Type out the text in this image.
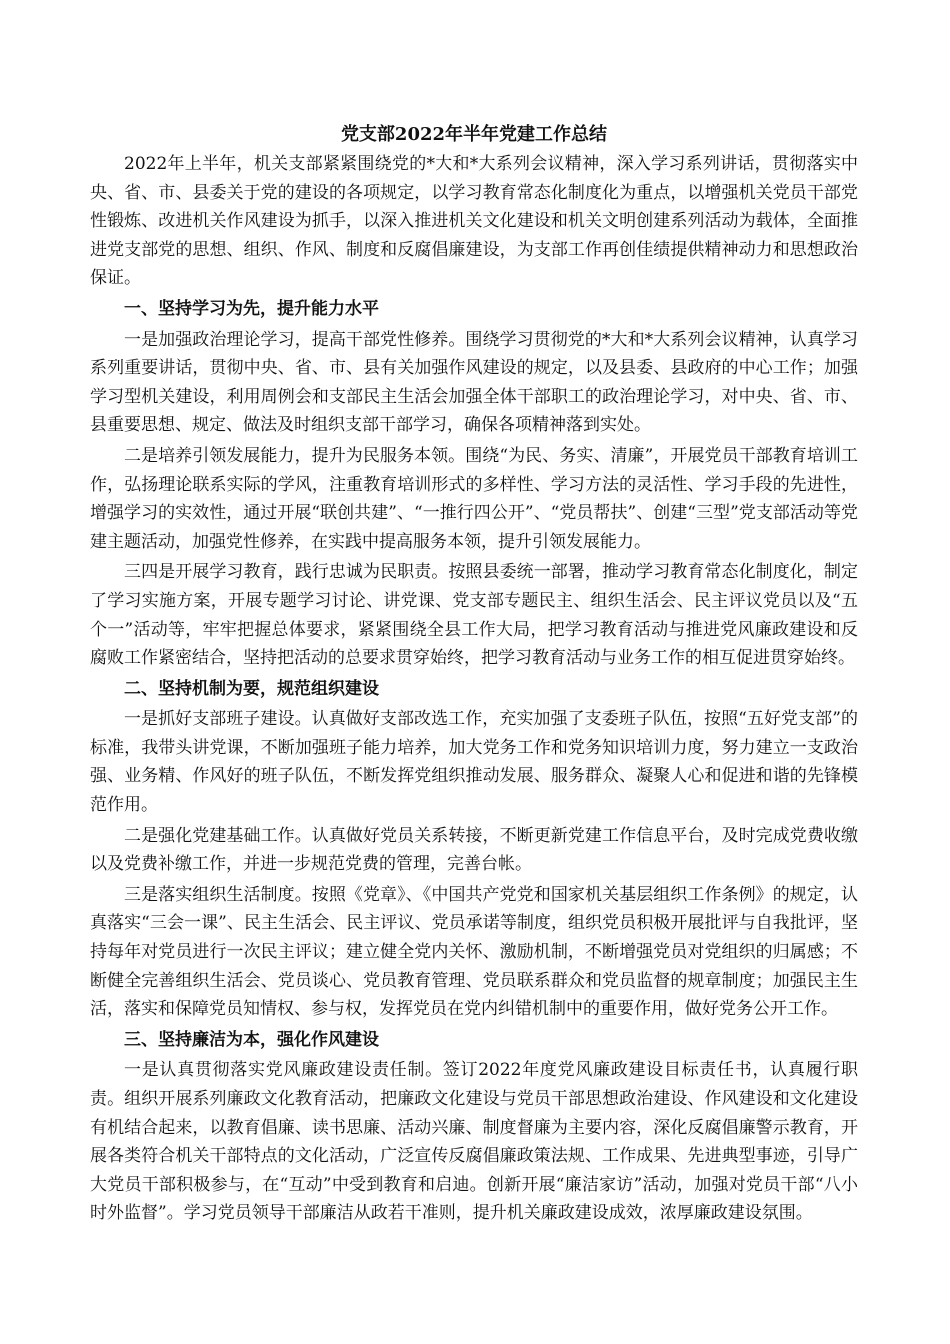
党支部2022年半年党建工作总结

2022年上半年，机关支部紧紧围绕党的*大和*大系列会议精神，深入学习系列讲话，贯彻落实中央、省、市、县委关于党的建设的各项规定，以学习教育常态化制度化为重点，以增强机关党员干部党性锻炼、改进机关作风建设为抓手，以深入推进机关文化建设和机关文明创建系列活动为载体，全面推进党支部党的思想、组织、作风、制度和反腐倡廉建设，为支部工作再创佳绩提供精神动力和思想政治保证。

一、坚持学习为先，提升能力水平

一是加强政治理论学习，提高干部党性修养。围绕学习贯彻党的*大和*大系列会议精神，认真学习系列重要讲话，贯彻中央、省、市、县有关加强作风建设的规定，以及县委、县政府的中心工作；加强学习型机关建设，利用周例会和支部民主生活会加强全体干部职工的政治理论学习，对中央、省、市、县重要思想、规定、做法及时组织支部干部学习，确保各项精神落到实处。

二是培养引领发展能力，提升为民服务本领。围绕“为民、务实、清廉”，开展党员干部教育培训工作，弘扬理论联系实际的学风，注重教育培训形式的多样性、学习方法的灵活性、学习手段的先进性，增强学习的实效性，通过开展“联创共建”、“一推行四公开”、“党员帮扶”、创建“三型”党支部活动等党建主题活动，加强党性修养，在实践中提高服务本领，提升引领发展能力。

三四是开展学习教育，践行忠诚为民职责。按照县委统一部署，推动学习教育常态化制度化，制定了学习实施方案，开展专题学习讨论、讲党课、党支部专题民主、组织生活会、民主评议党员以及“五个一”活动等，牢牢把握总体要求，紧紧围绕全县工作大局，把学习教育活动与推进党风廉政建设和反腐败工作紧密结合，坚持把活动的总要求贯穿始终，把学习教育活动与业务工作的相互促进贯穿始终。

二、坚持机制为要，规范组织建设

一是抓好支部班子建设。认真做好支部改选工作，充实加强了支委班子队伍，按照“五好党支部”的标准，我带头讲党课，不断加强班子能力培养，加大党务工作和党务知识培训力度，努力建立一支政治强、业务精、作风好的班子队伍，不断发挥党组织推动发展、服务群众、凝聚人心和促进和谐的先锋模范作用。

二是强化党建基础工作。认真做好党员关系转接，不断更新党建工作信息平台，及时完成党费收缴以及党费补缴工作，并进一步规范党费的管理，完善台帐。

三是落实组织生活制度。按照《党章》、《中国共产党党和国家机关基层组织工作条例》的规定，认真落实“三会一课”、民主生活会、民主评议、党员承诺等制度，组织党员积极开展批评与自我批评，坚持每年对党员进行一次民主评议；建立健全党内关怀、激励机制，不断增强党员对党组织的归属感；不断健全完善组织生活会、党员谈心、党员教育管理、党员联系群众和党员监督的规章制度；加强民主生活，落实和保障党员知情权、参与权，发挥党员在党内纠错机制中的重要作用，做好党务公开工作。

三、坚持廉洁为本，强化作风建设

一是认真贯彻落实党风廉政建设责任制。签订2022年度党风廉政建设目标责任书，认真履行职责。组织开展系列廉政文化教育活动，把廉政文化建设与党员干部思想政治建设、作风建设和文化建设有机结合起来，以教育倡廉、读书思廉、活动兴廉、制度督廉为主要内容，深化反腐倡廉警示教育，开展各类符合机关干部特点的文化活动，广泛宣传反腐倡廉政策法规、工作成果、先进典型事迹，引导广大党员干部积极参与，在“互动”中受到教育和启迪。创新开展“廉洁家访”活动，加强对党员干部“八小时外监督”。学习党员领导干部廉洁从政若干准则，提升机关廉政建设成效，浓厚廉政建设氛围。
